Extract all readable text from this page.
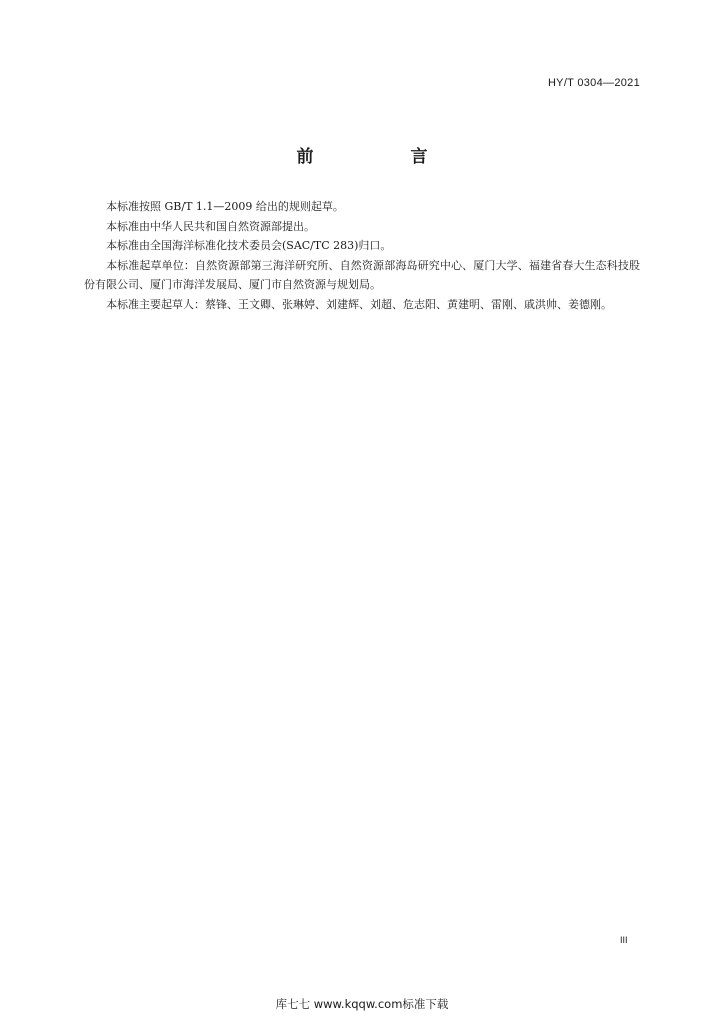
HY/T 0304—2021
前　言

本标准按照 GB/T 1.1—2009 给出的规则起草。

本标准由中华人民共和国自然资源部提出。

本标准由全国海洋标准化技术委员会(SAC/TC 283)归口。

本标准起草单位：自然资源部第三海洋研究所、自然资源部海岛研究中心、厦门大学、福建省春大生态科技股份有限公司、厦门市海洋发展局、厦门市自然资源与规划局。

本标准主要起草人：蔡锋、王文卿、张琳婷、刘建辉、刘超、危志阳、黄建明、雷刚、戚洪帅、姜德刚。

III
库七七 www.kqqw.com标准下载
